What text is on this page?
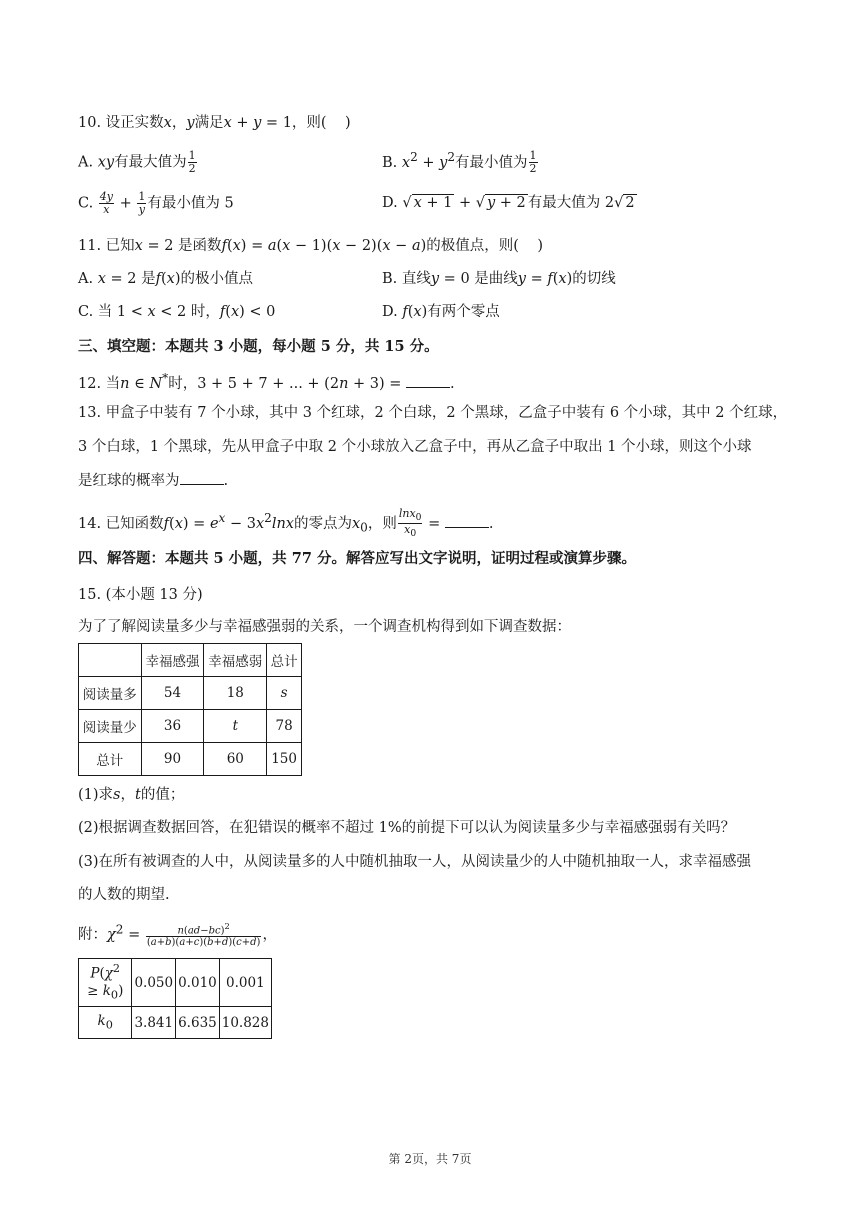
10. 设正实数x，y满足x + y = 1，则(    )
A. xy有最大值为 $\frac{1}{2}$	B. $x^2 + y^2$有最小值为 $\frac{1}{2}$
C. $\frac{4y}{x} + \frac{1}{y}$ 有最小值为 5	D. √ x + 1 + √ y + 2 有最大值为 2√ 2
11. 已知x = 2 是函数f(x) = a(x − 1)(x − 2)(x − a)的极值点，则(    )
A. x = 2 是f(x)的极小值点	B. 直线y = 0 是曲线y = f(x)的切线
C. 当 1 < x < 2 时，f(x) < 0	D. f(x)有两个零点
三、填空题：本题共 3 小题，每小题 5 分，共 15 分。
12. 当n ∈ N*时，3 + 5 + 7 + ... + (2n + 3) =	.
13. 甲盒子中装有 7 个小球，其中 3 个红球，2 个白球，2 个黑球，乙盒子中装有 6 个小球，其中 2 个红球，
3 个白球，1 个黑球，先从甲盒子中取 2 个小球放入乙盒子中，再从乙盒子中取出 1 个小球，则这个小球
是红球的概率为	.
14. 已知函数$f(x) = e^x - 3x^2\ln x$的零点为$x_0$，则 $\frac{\ln x_0}{x_0}$ =	.
四、解答题：本题共 5 小题，共 77 分。解答应写出文字说明，证明过程或演算步骤。
15. (本小题 13 分)
为了了解阅读量多少与幸福感强弱的关系，一个调查机构得到如下调查数据：
	幸福感强	幸福感弱	总计
阅读量多	54	18	s
阅读量少	36	t	78
总计	90	60	150
(1)求s，t的值；
(2)根据调查数据回答，在犯错误的概率不超过 1%的前提下可以认为阅读量多少与幸福感强弱有关吗？
(3)在所有被调查的人中，从阅读量多的人中随机抽取一人，从阅读量少的人中随机抽取一人，求幸福感强
的人数的期望.
附：$\chi^2 = \frac{n(ad-bc)^2}{(a+b)(a+c)(b+d)(c+d)}$ ，
$P(\chi^2$
≥ $k_0$)	0.050	0.010	0.001
$k_0$	3.841	6.635	10.828
第 2页，共 7页
